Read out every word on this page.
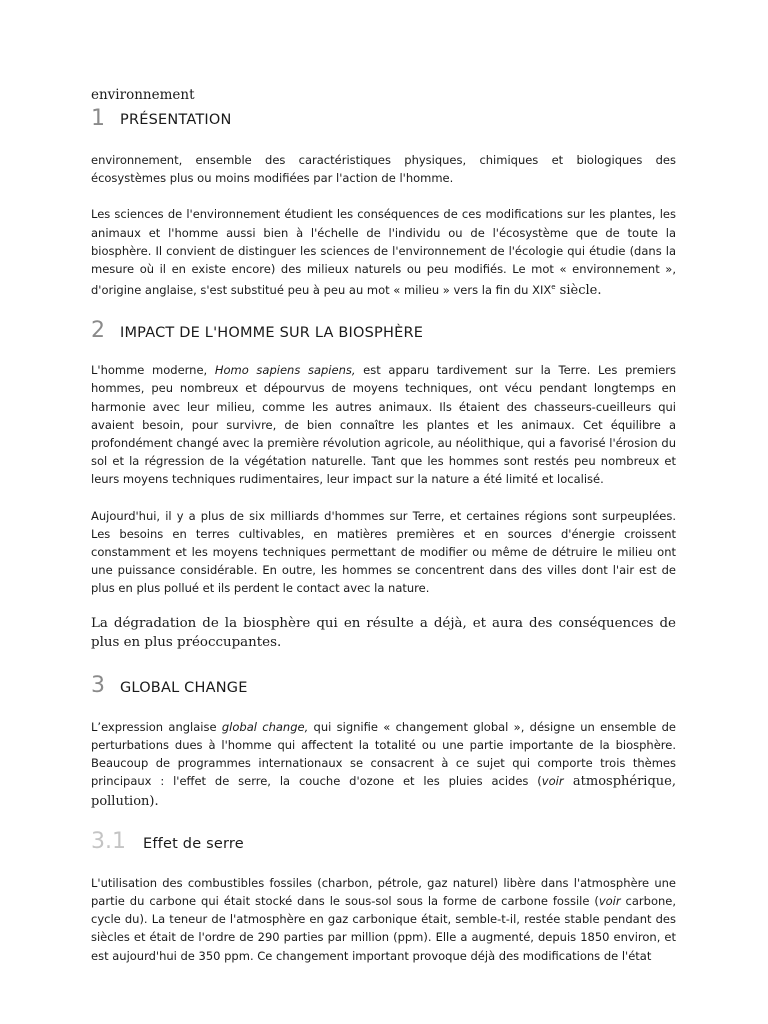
environnement
1	PRÉSENTATION

environnement, ensemble des caractéristiques physiques, chimiques et biologiques des écosystèmes plus ou moins modifiées par l'action de l'homme.

Les sciences de l'environnement étudient les conséquences de ces modifications sur les plantes, les animaux et l'homme aussi bien à l'échelle de l'individu ou de l'écosystème que de toute la biosphère. Il convient de distinguer les sciences de l'environnement de l'écologie qui étudie (dans la mesure où il en existe encore) des milieux naturels ou peu modifiés. Le mot « environnement », d'origine anglaise, s'est substitué peu à peu au mot « milieu » vers la fin du XIXe siècle.

2	IMPACT DE L'HOMME SUR LA BIOSPHÈRE

L'homme moderne, Homo sapiens sapiens, est apparu tardivement sur la Terre. Les premiers hommes, peu nombreux et dépourvus de moyens techniques, ont vécu pendant longtemps en harmonie avec leur milieu, comme les autres animaux. Ils étaient des chasseurs-cueilleurs qui avaient besoin, pour survivre, de bien connaître les plantes et les animaux. Cet équilibre a profondément changé avec la première révolution agricole, au néolithique, qui a favorisé l'érosion du sol et la régression de la végétation naturelle. Tant que les hommes sont restés peu nombreux et leurs moyens techniques rudimentaires, leur impact sur la nature a été limité et localisé.

Aujourd'hui, il y a plus de six milliards d'hommes sur Terre, et certaines régions sont surpeuplées. Les besoins en terres cultivables, en matières premières et en sources d'énergie croissent constamment et les moyens techniques permettant de modifier ou même de détruire le milieu ont une puissance considérable. En outre, les hommes se concentrent dans des villes dont l'air est de plus en plus pollué et ils perdent le contact avec la nature.

La dégradation de la biosphère qui en résulte a déjà, et aura des conséquences de plus en plus préoccupantes.

3	GLOBAL CHANGE

L’expression anglaise global change, qui signifie « changement global », désigne un ensemble de perturbations dues à l'homme qui affectent la totalité ou une partie importante de la biosphère. Beaucoup de programmes internationaux se consacrent à ce sujet qui comporte trois thèmes principaux : l'effet de serre, la couche d'ozone et les pluies acides (voir atmosphérique, pollution).

3.1	Effet de serre

L'utilisation des combustibles fossiles (charbon, pétrole, gaz naturel) libère dans l'atmosphère une partie du carbone qui était stocké dans le sous-sol sous la forme de carbone fossile (voir carbone, cycle du). La teneur de l'atmosphère en gaz carbonique était, semble-t-il, restée stable pendant des siècles et était de l'ordre de 290 parties par million (ppm). Elle a augmenté, depuis 1850 environ, et est aujourd'hui de 350 ppm. Ce changement important provoque déjà des modifications de l'état
